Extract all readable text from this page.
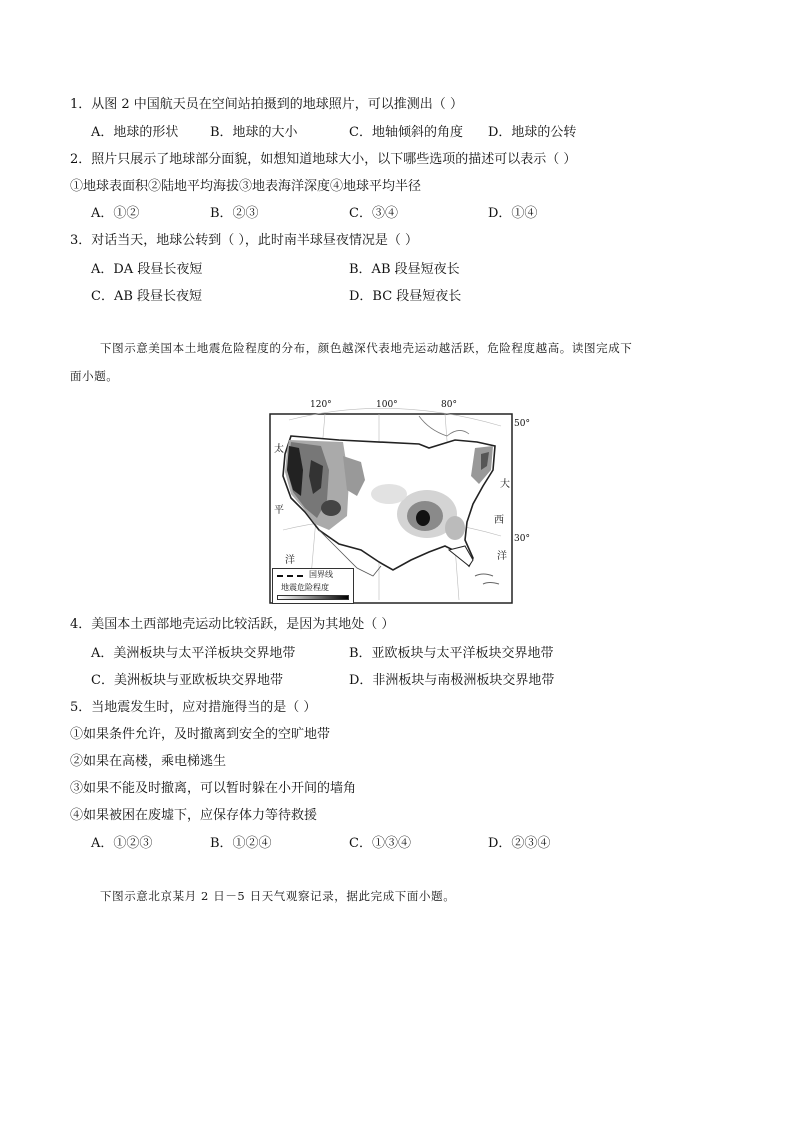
1．从图 2 中国航天员在空间站拍摄到的地球照片，可以推测出（ ）
A．地球的形状 B．地球的大小	C．地轴倾斜的角度 D．地球的公转
2．照片只展示了地球部分面貌，如想知道地球大小，以下哪些选项的描述可以表示（ ）
①地球表面积②陆地平均海拔③地表海洋深度④地球平均半径
A．①②	B．②③	C．③④	D．①④
3．对话当天，地球公转到（ ），此时南半球昼夜情况是（ ）
A．DA 段昼长夜短	B．AB 段昼短夜长
C．AB 段昼长夜短	D．BC 段昼短夜长
下图示意美国本土地震危险程度的分布，颜色越深代表地壳运动越活跃，危险程度越高。读图完成下
面小题。
120°	100°	80°
50°
30°
太
平
洋
大
西
洋
国界线
地震危险程度
4．美国本土西部地壳运动比较活跃，是因为其地处（ ）
A．美洲板块与太平洋板块交界地带	B．亚欧板块与太平洋板块交界地带
C．美洲板块与亚欧板块交界地带	D．非洲板块与南极洲板块交界地带
5．当地震发生时，应对措施得当的是（ ）
①如果条件允许，及时撤离到安全的空旷地带
②如果在高楼，乘电梯逃生
③如果不能及时撤离，可以暂时躲在小开间的墙角
④如果被困在废墟下，应保存体力等待救援
A．①②③	B．①②④	C．①③④	D．②③④
下图示意北京某月 2 日－5 日天气观察记录，据此完成下面小题。
